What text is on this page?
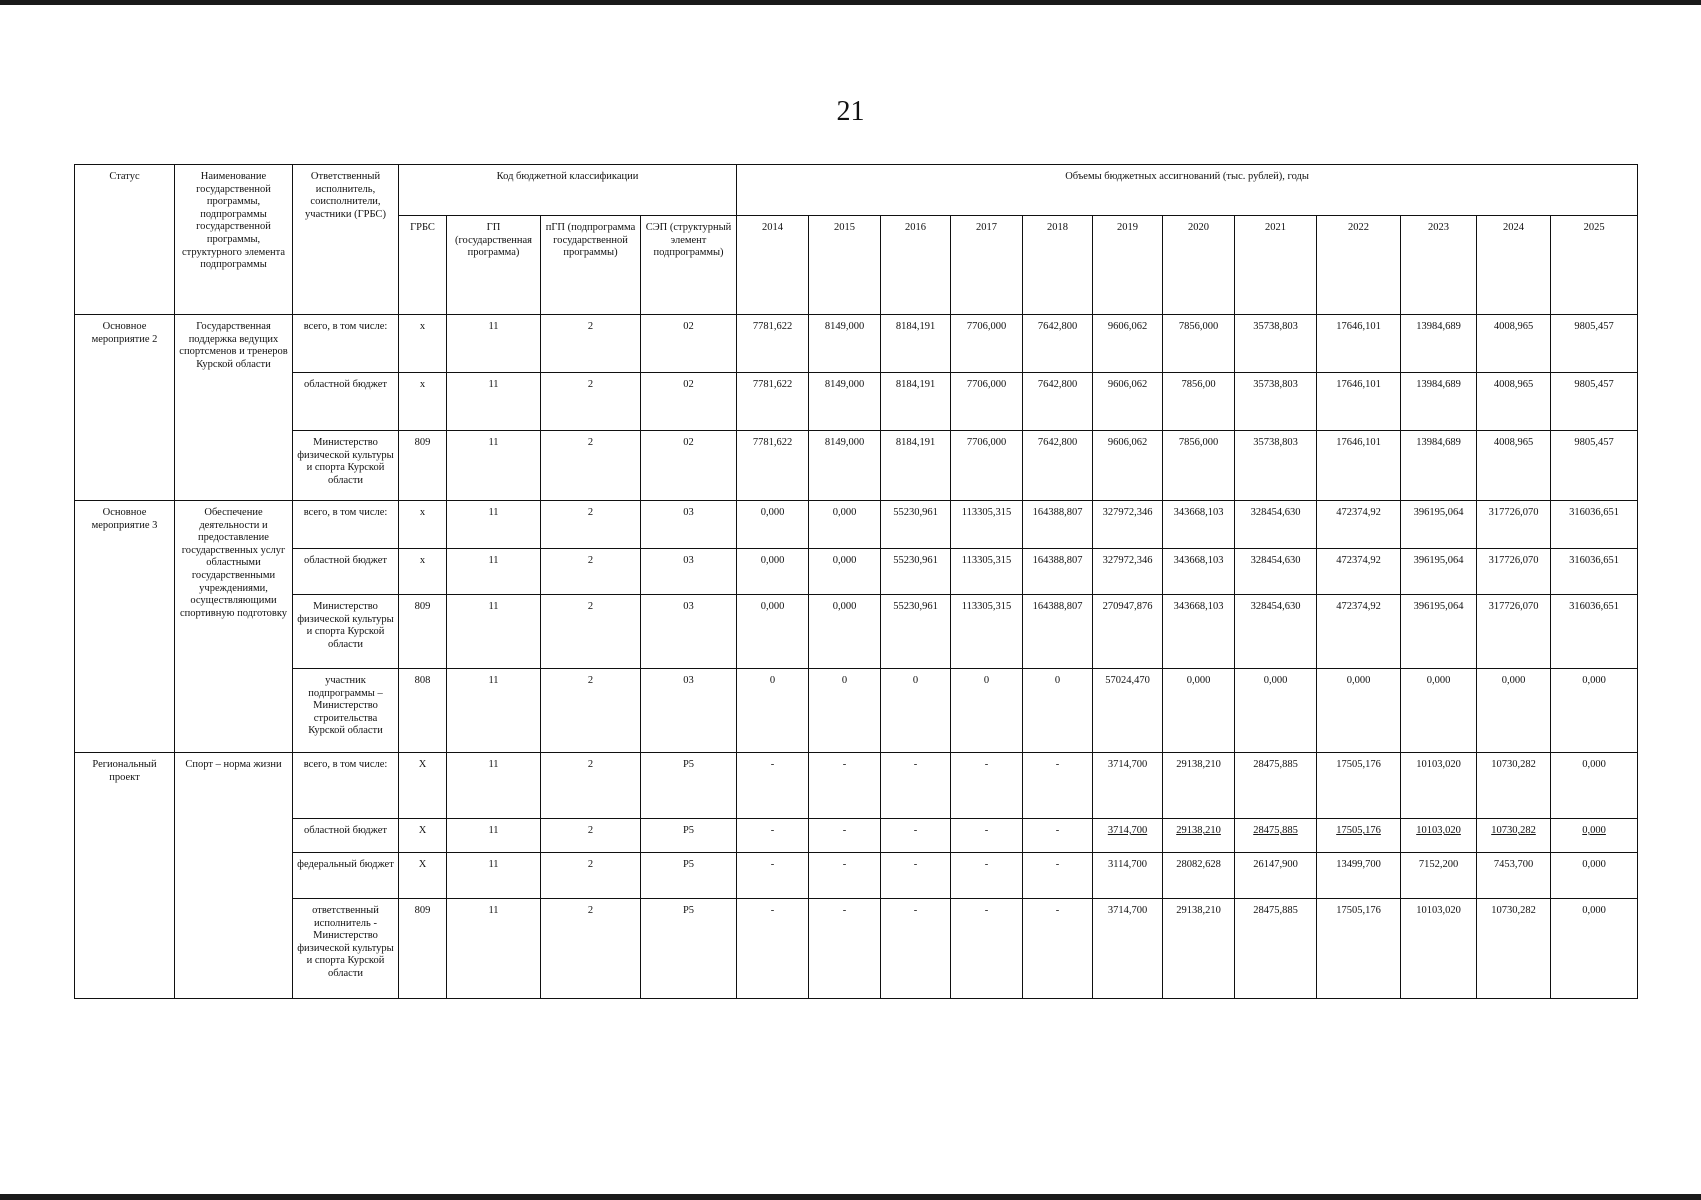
21
Статус	Наименование государственной программы, подпрограммы государственной программы, структурного элемента подпрограммы	Ответственный исполнитель, соисполнители, участники (ГРБС)	Код бюджетной классификации				Объемы бюджетных ассигнований (тыс. рублей), годы											
			ГРБС	ГП (государственная программа)	пГП (подпрограмма государственной программы)	СЭП (структурный элемент подпрограммы)	2014	2015	2016	2017	2018	2019	2020	2021	2022	2023	2024	2025
Основное мероприятие 2	Государственная поддержка ведущих спортсменов и тренеров Курской области	всего, в том числе:	x	11	2	02	7781,622	8149,000	8184,191	7706,000	7642,800	9606,062	7856,000	35738,803	17646,101	13984,689	4008,965	9805,457
		областной бюджет	x	11	2	02	7781,622	8149,000	8184,191	7706,000	7642,800	9606,062	7856,00	35738,803	17646,101	13984,689	4008,965	9805,457
		Министерство физической культуры и спорта Курской области	809	11	2	02	7781,622	8149,000	8184,191	7706,000	7642,800	9606,062	7856,000	35738,803	17646,101	13984,689	4008,965	9805,457
Основное мероприятие 3	Обеспечение деятельности и предоставление государственных услуг областными государственными учреждениями, осуществляющими спортивную подготовку	всего, в том числе:	x	11	2	03	0,000	0,000	55230,961	113305,315	164388,807	327972,346	343668,103	328454,630	472374,92	396195,064	317726,070	316036,651
		областной бюджет	x	11	2	03	0,000	0,000	55230,961	113305,315	164388,807	327972,346	343668,103	328454,630	472374,92	396195,064	317726,070	316036,651
		Министерство физической культуры и спорта Курской области	809	11	2	03	0,000	0,000	55230,961	113305,315	164388,807	270947,876	343668,103	328454,630	472374,92	396195,064	317726,070	316036,651
		участник подпрограммы – Министерство строительства Курской области	808	11	2	03	0	0	0	0	0	57024,470	0,000	0,000	0,000	0,000	0,000	0,000
Региональный проект	Спорт – норма жизни	всего, в том числе:	Х	11	2	Р5	-	-	-	-	-	3714,700	29138,210	28475,885	17505,176	10103,020	10730,282	0,000
		областной бюджет	Х	11	2	Р5	-	-	-	-	-	3714,700	29138,210	28475,885	17505,176	10103,020	10730,282	0,000
		федеральный бюджет	Х	11	2	Р5	-	-	-	-	-	3114,700	28082,628	26147,900	13499,700	7152,200	7453,700	0,000
		ответственный исполнитель - Министерство физической культуры и спорта Курской области	809	11	2	Р5	-	-	-	-	-	3714,700	29138,210	28475,885	17505,176	10103,020	10730,282	0,000
